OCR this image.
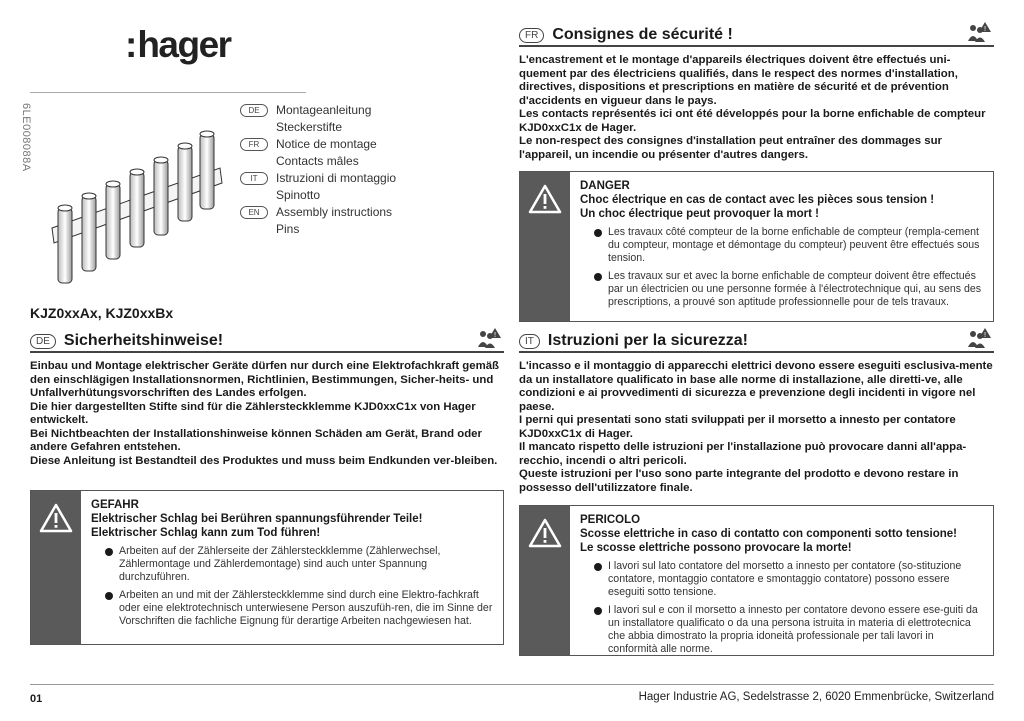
:hager
6LE008088A	DE	Montageanleitung
Steckerstifte
FR	Notice de montage
Contacts mâles
IT	Istruzioni di montaggio
Spinotto
EN	Assembly instructions
Pins
KJZ0xxAx, KJZ0xxBx
DE Sicherheitshinweise!	!

Einbau und Montage elektrischer Geräte dürfen nur durch eine Elektrofachkraft gemäß den einschlägigen Installationsnormen, Richtlinien, Bestimmungen, Sicher-heits- und Unfallverhütungsvorschriften des Landes erfolgen.

Die hier dargestellten Stifte sind für die Zählersteckklemme KJD0xxC1x von Hager entwickelt.

Bei Nichtbeachten der Installationshinweise können Schäden am Gerät, Brand oder andere Gefahren entstehen.

Diese Anleitung ist Bestandteil des Produktes und muss beim Endkunden ver-bleiben.

GEFAHR
Elektrischer Schlag bei Berühren spannungsführender Teile!
Elektrischer Schlag kann zum Tod führen!
Arbeiten auf der Zählerseite der Zählersteckklemme (Zählerwechsel, Zählermontage und Zählerdemontage) sind auch unter Spannung durchzuführen.
Arbeiten an und mit der Zählersteckklemme sind durch eine Elektro-fachkraft oder eine elektrotechnisch unterwiesene Person auszufüh-ren, die im Sinne der Vorschriften die fachliche Eignung für derartige Arbeiten nachgewiesen hat.
FR Consignes de sécurité !	!

L'encastrement et le montage d'appareils électriques doivent être effectués uni-quement par des électriciens qualifiés, dans le respect des normes d'installation, directives, dispositions et prescriptions en matière de sécurité et de prévention d'accidents en vigueur dans le pays.

Les contacts représentés ici ont été développés pour la borne enfichable de compteur KJD0xxC1x de Hager.

Le non-respect des consignes d'installation peut entraîner des dommages sur l'appareil, un incendie ou présenter d'autres dangers.

DANGER
Choc électrique en cas de contact avec les pièces sous tension !
Un choc électrique peut provoquer la mort !
Les travaux côté compteur de la borne enfichable de compteur (rempla-cement du compteur, montage et démontage du compteur) peuvent être effectués sous tension.
Les travaux sur et avec la borne enfichable de compteur doivent être effectués par un électricien ou une personne formée à l'électrotechnique qui, au sens des prescriptions, a prouvé son aptitude professionnelle pour de tels travaux.
IT Istruzioni per la sicurezza!	!

L'incasso e il montaggio di apparecchi elettrici devono essere eseguiti esclusiva-mente da un installatore qualificato in base alle norme di installazione, alle diretti-ve, alle condizioni e ai provvedimenti di sicurezza e prevenzione degli incidenti in vigore nel paese.

I perni qui presentati sono stati sviluppati per il morsetto a innesto per contatore KJD0xxC1x di Hager.

Il mancato rispetto delle istruzioni per l'installazione può provocare danni all'appa-recchio, incendi o altri pericoli.

Queste istruzioni per l'uso sono parte integrante del prodotto e devono restare in possesso dell'utilizzatore finale.

PERICOLO
Scosse elettriche in caso di contatto con componenti sotto tensione!
Le scosse elettriche possono provocare la morte!
I lavori sul lato contatore del morsetto a innesto per contatore (so-stituzione contatore, montaggio contatore e smontaggio contatore) possono essere eseguiti sotto tensione.
I lavori sul e con il morsetto a innesto per contatore devono essere ese-guiti da un installatore qualificato o da una persona istruita in materia di elettrotecnica che abbia dimostrato la propria idoneità professionale per tali lavori in conformità alle norme.
01	Hager Industrie AG, Sedelstrasse 2, 6020 Emmenbrücke, Switzerland
